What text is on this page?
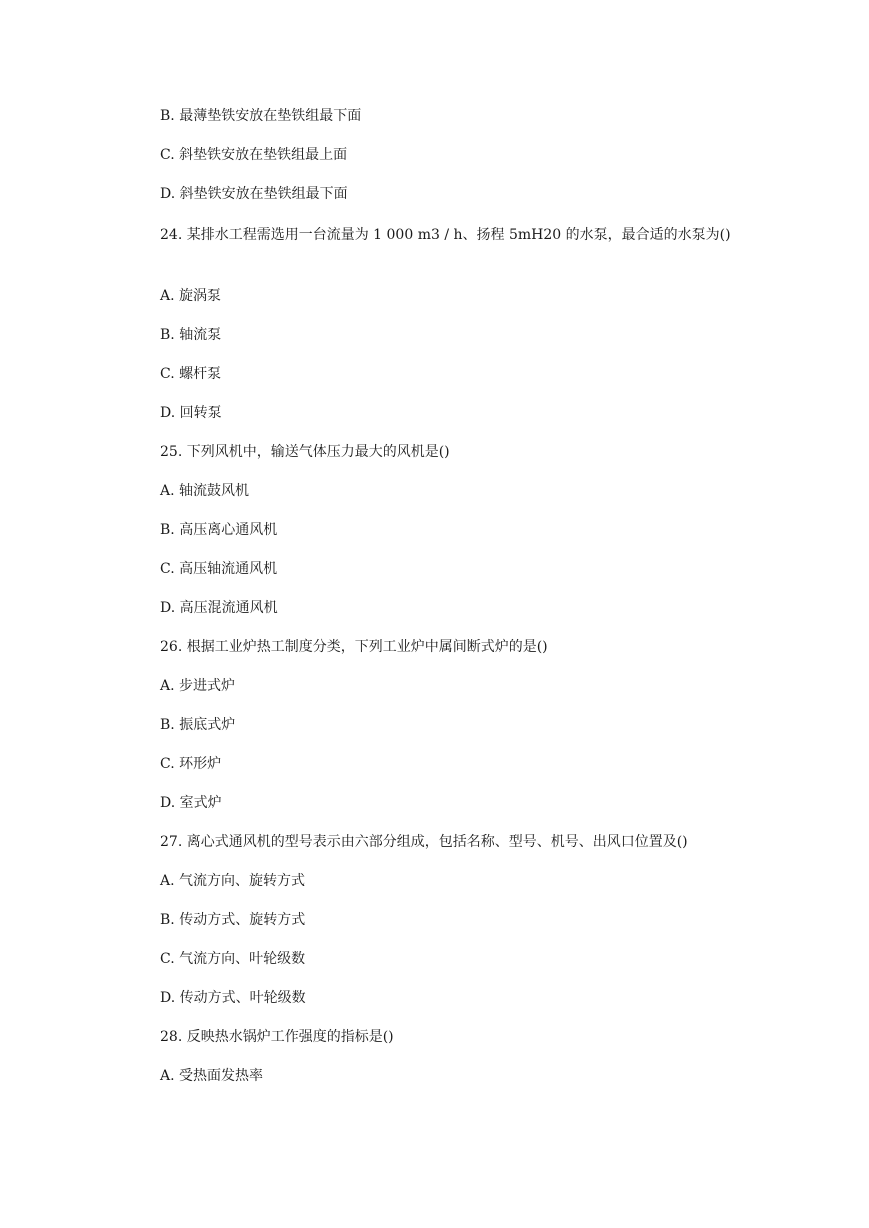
B. 最薄垫铁安放在垫铁组最下面
C. 斜垫铁安放在垫铁组最上面
D. 斜垫铁安放在垫铁组最下面
24. 某排水工程需选用一台流量为 1 000 m3 / h、扬程 5mH20 的水泵，最合适的水泵为()
A. 旋涡泵
B. 轴流泵
C. 螺杆泵
D. 回转泵
25. 下列风机中，输送气体压力最大的风机是()
A. 轴流鼓风机
B. 高压离心通风机
C. 高压轴流通风机
D. 高压混流通风机
26. 根据工业炉热工制度分类，下列工业炉中属间断式炉的是()
A. 步进式炉
B. 振底式炉
C. 环形炉
D. 室式炉
27. 离心式通风机的型号表示由六部分组成，包括名称、型号、机号、出风口位置及()
A. 气流方向、旋转方式
B. 传动方式、旋转方式
C. 气流方向、叶轮级数
D. 传动方式、叶轮级数
28. 反映热水锅炉工作强度的指标是()
A. 受热面发热率
